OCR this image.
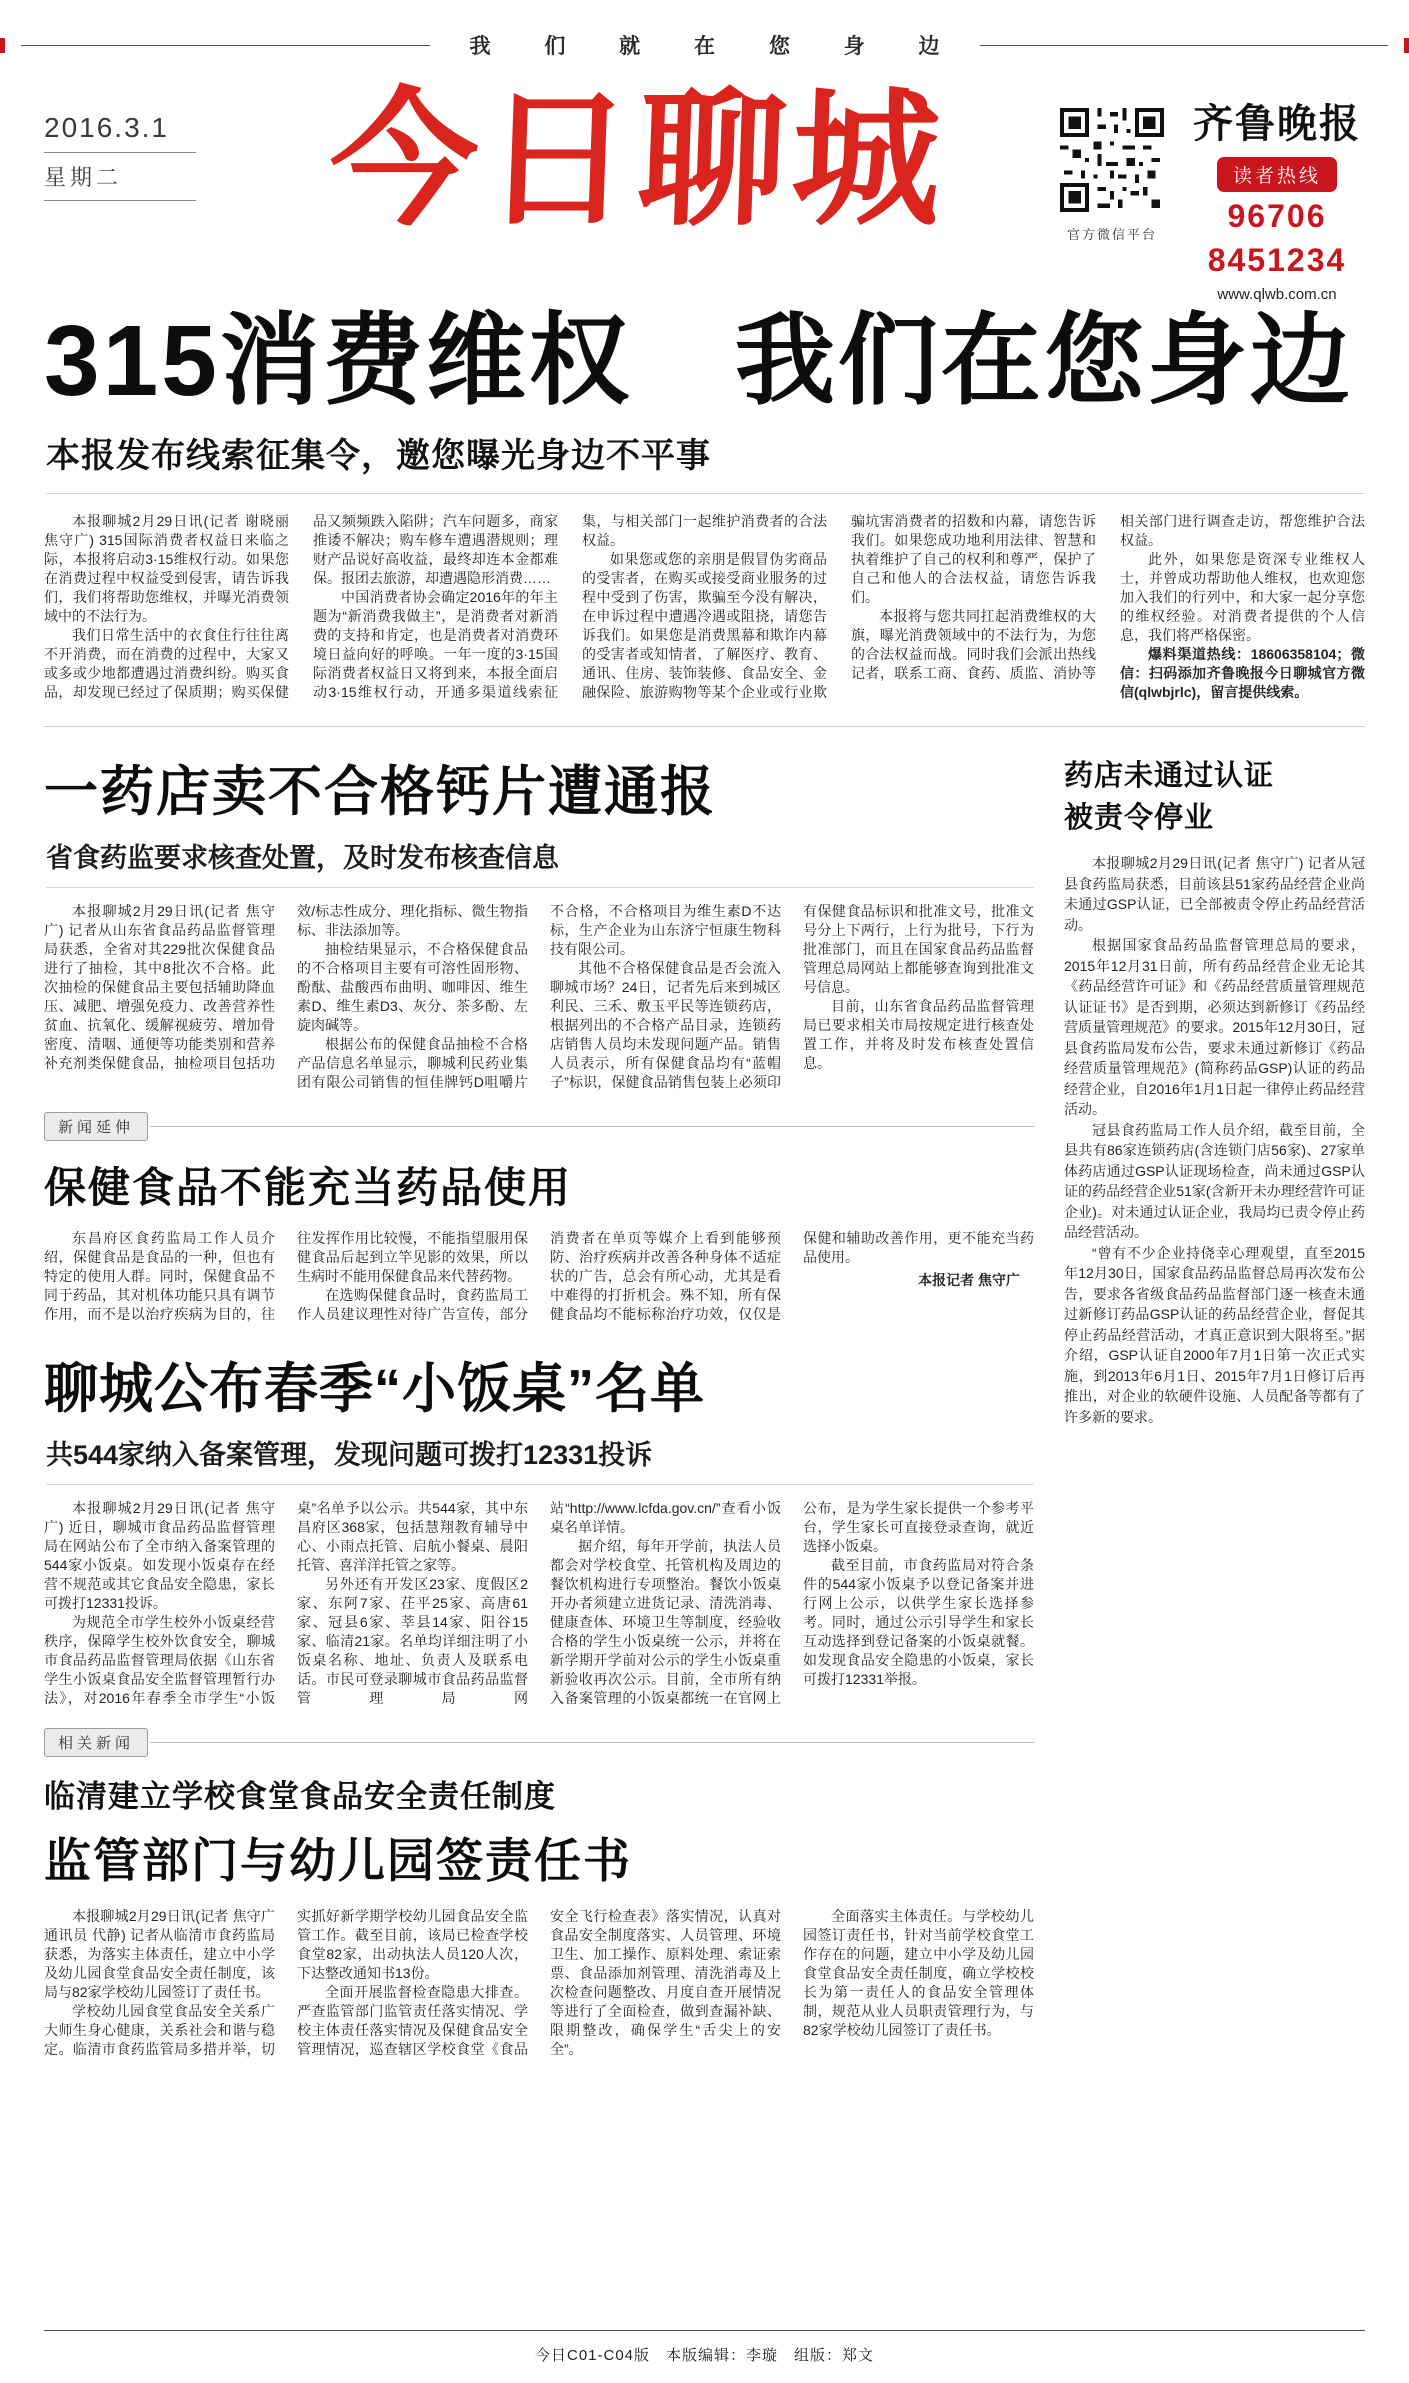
我 们 就 在 您 身 边
2016.3.1
星期二	今日聊城	官方微信平台
齐鲁晚报
读者热线
96706
8451234
www.qlwb.com.cn
315消费维权　我们在您身边
本报发布线索征集令，邀您曝光身边不平事

本报聊城2月29日讯(记者 谢晓丽 焦守广) 315国际消费者权益日来临之际，本报将启动3·15维权行动。如果您在消费过程中权益受到侵害，请告诉我们，我们将帮助您维权，并曝光消费领域中的不法行为。

我们日常生活中的衣食住行往往离不开消费，而在消费的过程中，大家又或多或少地都遭遇过消费纠纷。购买食品，却发现已经过了保质期；购买保健品又频频跌入陷阱；汽车问题多，商家推诿不解决；购车修车遭遇潜规则；理财产品说好高收益，最终却连本金都难保。报团去旅游，却遭遇隐形消费……

中国消费者协会确定2016年的年主题为“新消费我做主”，是消费者对新消费的支持和肯定，也是消费者对消费环境日益向好的呼唤。一年一度的3·15国际消费者权益日又将到来，本报全面启动3·15维权行动，开通多渠道线索征集，与相关部门一起维护消费者的合法权益。

如果您或您的亲朋是假冒伪劣商品的受害者，在购买或接受商业服务的过程中受到了伤害，欺骗至今没有解决，在申诉过程中遭遇冷遇或阻挠，请您告诉我们。如果您是消费黑幕和欺诈内幕的受害者或知情者，了解医疗、教育、通讯、住房、装饰装修、食品安全、金融保险、旅游购物等某个企业或行业欺骗坑害消费者的招数和内幕，请您告诉我们。如果您成功地利用法律、智慧和执着维护了自己的权利和尊严，保护了自己和他人的合法权益，请您告诉我们。

本报将与您共同扛起消费维权的大旗，曝光消费领域中的不法行为，为您的合法权益而战。同时我们会派出热线记者，联系工商、食药、质监、消协等相关部门进行调查走访，帮您维护合法权益。

此外，如果您是资深专业维权人士，并曾成功帮助他人维权，也欢迎您加入我们的行列中，和大家一起分享您的维权经验。对消费者提供的个人信息，我们将严格保密。

爆料渠道热线：18606358104；微信：扫码添加齐鲁晚报今日聊城官方微信(qlwbjrlc)，留言提供线索。

一药店卖不合格钙片遭通报
省食药监要求核查处置，及时发布核查信息

本报聊城2月29日讯(记者 焦守广) 记者从山东省食品药品监督管理局获悉，全省对其229批次保健食品进行了抽检，其中8批次不合格。此次抽检的保健食品主要包括辅助降血压、减肥、增强免疫力、改善营养性贫血、抗氧化、缓解视疲劳、增加骨密度、清咽、通便等功能类别和营养补充剂类保健食品，抽检项目包括功效/标志性成分、理化指标、微生物指标、非法添加等。

抽检结果显示，不合格保健食品的不合格项目主要有可溶性固形物、酚酞、盐酸西布曲明、咖啡因、维生素D、维生素D3、灰分、茶多酚、左旋肉碱等。

根据公布的保健食品抽检不合格产品信息名单显示，聊城利民药业集团有限公司销售的恒佳牌钙D咀嚼片不合格，不合格项目为维生素D不达标，生产企业为山东济宁恒康生物科技有限公司。

其他不合格保健食品是否会流入聊城市场？24日，记者先后来到城区利民、三禾、敷玉平民等连锁药店，根据列出的不合格产品目录，连锁药店销售人员均未发现问题产品。销售人员表示，所有保健食品均有“蓝帽子”标识，保健食品销售包装上必须印有保健食品标识和批准文号，批准文号分上下两行，上行为批号，下行为批准部门，而且在国家食品药品监督管理总局网站上都能够查询到批准文号信息。

目前，山东省食品药品监督管理局已要求相关市局按规定进行核查处置工作，并将及时发布核查处置信息。

新闻延伸
保健食品不能充当药品使用

东昌府区食药监局工作人员介绍，保健食品是食品的一种，但也有特定的使用人群。同时，保健食品不同于药品，其对机体功能只具有调节作用，而不是以治疗疾病为目的，往往发挥作用比较慢，不能指望服用保健食品后起到立竿见影的效果，所以生病时不能用保健食品来代替药物。

在选购保健食品时，食药监局工作人员建议理性对待广告宣传，部分消费者在单页等媒介上看到能够预防、治疗疾病并改善各种身体不适症状的广告，总会有所心动，尤其是看中难得的打折机会。殊不知，所有保健食品均不能标称治疗功效，仅仅是保健和辅助改善作用，更不能充当药品使用。

本报记者 焦守广

聊城公布春季“小饭桌”名单
共544家纳入备案管理，发现问题可拨打12331投诉

本报聊城2月29日讯(记者 焦守广) 近日，聊城市食品药品监督管理局在网站公布了全市纳入备案管理的544家小饭桌。如发现小饭桌存在经营不规范或其它食品安全隐患，家长可拨打12331投诉。

为规范全市学生校外小饭桌经营秩序，保障学生校外饮食安全，聊城市食品药品监督管理局依据《山东省学生小饭桌食品安全监督管理暂行办法》，对2016年春季全市学生“小饭桌”名单予以公示。共544家，其中东昌府区368家，包括慧翔教育辅导中心、小雨点托管、启航小餐桌、晨阳托管、喜洋洋托管之家等。

另外还有开发区23家、度假区2家、东阿7家、茌平25家、高唐61家、冠县6家、莘县14家、阳谷15家、临清21家。名单均详细注明了小饭桌名称、地址、负责人及联系电话。市民可登录聊城市食品药品监督管理局网站“http://www.lcfda.gov.cn/”查看小饭桌名单详情。

据介绍，每年开学前，执法人员都会对学校食堂、托管机构及周边的餐饮机构进行专项整治。餐饮小饭桌开办者须建立进货记录、清洗消毒、健康查体、环境卫生等制度，经验收合格的学生小饭桌统一公示，并将在新学期开学前对公示的学生小饭桌重新验收再次公示。目前，全市所有纳入备案管理的小饭桌都统一在官网上公布，是为学生家长提供一个参考平台，学生家长可直接登录查询，就近选择小饭桌。

截至目前，市食药监局对符合条件的544家小饭桌予以登记备案并进行网上公示，以供学生家长选择参考。同时，通过公示引导学生和家长互动选择到登记备案的小饭桌就餐。如发现食品安全隐患的小饭桌，家长可拨打12331举报。

相关新闻
临清建立学校食堂食品安全责任制度
监管部门与幼儿园签责任书

本报聊城2月29日讯(记者 焦守广 通讯员 代静) 记者从临清市食药监局获悉，为落实主体责任，建立中小学及幼儿园食堂食品安全责任制度，该局与82家学校幼儿园签订了责任书。

学校幼儿园食堂食品安全关系广大师生身心健康，关系社会和谐与稳定。临清市食药监管局多措并举，切实抓好新学期学校幼儿园食品安全监管工作。截至目前，该局已检查学校食堂82家，出动执法人员120人次，下达整改通知书13份。

全面开展监督检查隐患大排查。严查监管部门监管责任落实情况、学校主体责任落实情况及保健食品安全管理情况，巡查辖区学校食堂《食品安全飞行检查表》落实情况，认真对食品安全制度落实、人员管理、环境卫生、加工操作、原料处理、索证索票、食品添加剂管理、清洗消毒及上次检查问题整改、月度自查开展情况等进行了全面检查，做到查漏补缺、限期整改，确保学生“舌尖上的安全”。

全面落实主体责任。与学校幼儿园签订责任书，针对当前学校食堂工作存在的问题，建立中小学及幼儿园食堂食品安全责任制度，确立学校校长为第一责任人的食品安全管理体制，规范从业人员职责管理行为，与82家学校幼儿园签订了责任书。

药店未通过认证
被责令停业

本报聊城2月29日讯(记者 焦守广) 记者从冠县食药监局获悉，目前该县51家药品经营企业尚未通过GSP认证，已全部被责令停止药品经营活动。

根据国家食品药品监督管理总局的要求，2015年12月31日前，所有药品经营企业无论其《药品经营许可证》和《药品经营质量管理规范认证证书》是否到期，必须达到新修订《药品经营质量管理规范》的要求。2015年12月30日，冠县食药监局发布公告，要求未通过新修订《药品经营质量管理规范》(简称药品GSP)认证的药品经营企业，自2016年1月1日起一律停止药品经营活动。

冠县食药监局工作人员介绍，截至目前，全县共有86家连锁药店(含连锁门店56家)、27家单体药店通过GSP认证现场检查，尚未通过GSP认证的药品经营企业51家(含新开未办理经营许可证企业)。对未通过认证企业，我局均已责令停止药品经营活动。

“曾有不少企业持侥幸心理观望，直至2015年12月30日，国家食品药品监督总局再次发布公告，要求各省级食品药品监督部门逐一核查未通过新修订药品GSP认证的药品经营企业，督促其停止药品经营活动，才真正意识到大限将至。”据介绍，GSP认证自2000年7月1日第一次正式实施，到2013年6月1日、2015年7月1日修订后再推出，对企业的软硬件设施、人员配备等都有了许多新的要求。

今日C01-C04版　本版编辑：李璇　组版：郑文
